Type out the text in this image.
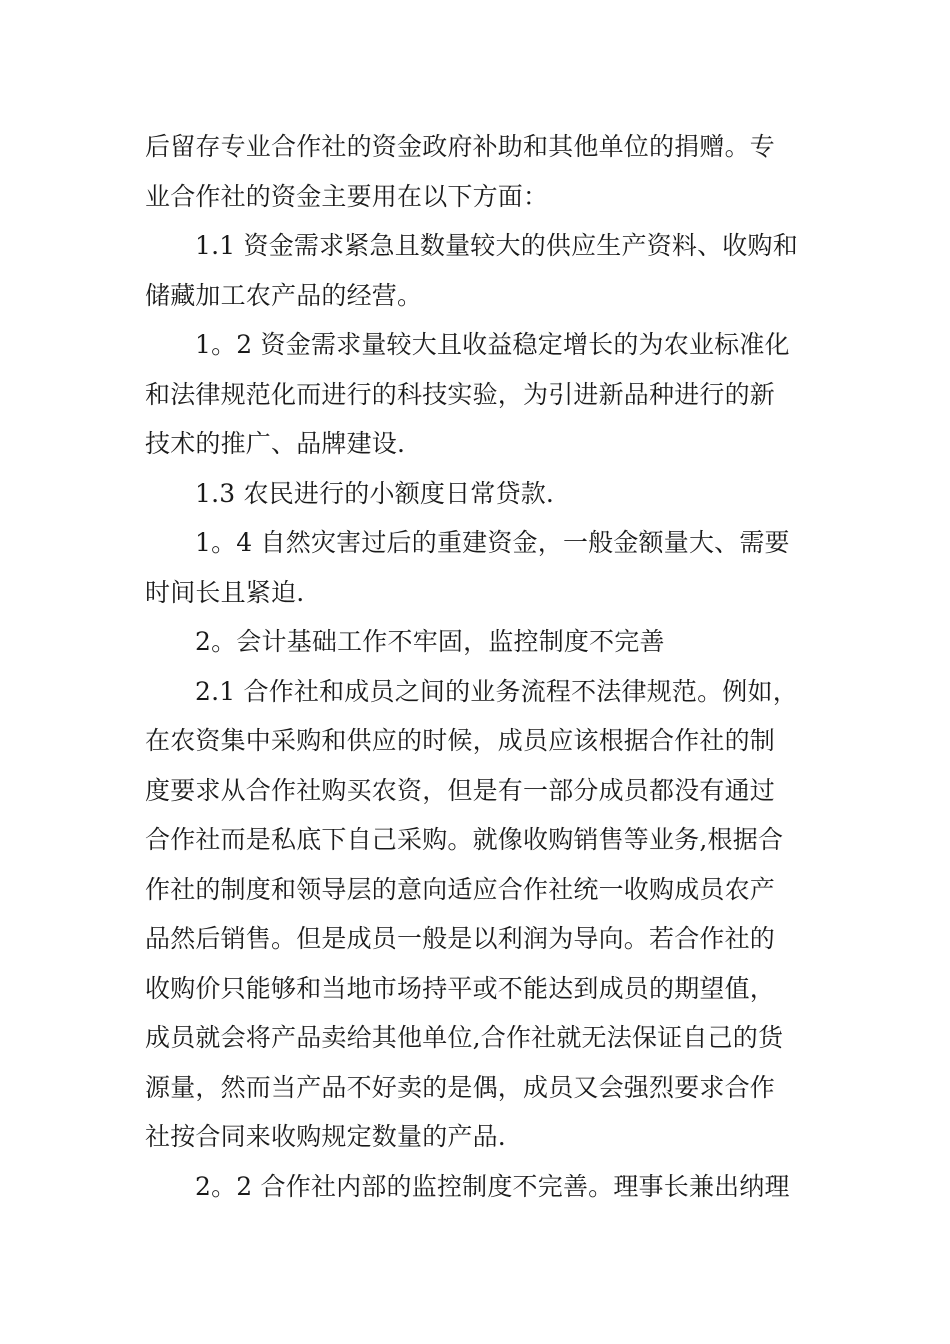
后留存专业合作社的资金政府补助和其他单位的捐赠。专
业合作社的资金主要用在以下方面：
1.1 资金需求紧急且数量较大的供应生产资料、收购和
储藏加工农产品的经营。
1。2 资金需求量较大且收益稳定增长的为农业标准化
和法律规范化而进行的科技实验，为引进新品种进行的新
技术的推广、品牌建设.
1.3 农民进行的小额度日常贷款.
1。4 自然灾害过后的重建资金，一般金额量大、需要
时间长且紧迫.
2。会计基础工作不牢固，监控制度不完善
2.1 合作社和成员之间的业务流程不法律规范。例如，
在农资集中采购和供应的时候，成员应该根据合作社的制
度要求从合作社购买农资，但是有一部分成员都没有通过
合作社而是私底下自己采购。就像收购销售等业务,根据合
作社的制度和领导层的意向适应合作社统一收购成员农产
品然后销售。但是成员一般是以利润为导向。若合作社的
收购价只能够和当地市场持平或不能达到成员的期望值，
成员就会将产品卖给其他单位,合作社就无法保证自己的货
源量，然而当产品不好卖的是偶，成员又会强烈要求合作
社按合同来收购规定数量的产品.
2。2 合作社内部的监控制度不完善。理事长兼出纳理
